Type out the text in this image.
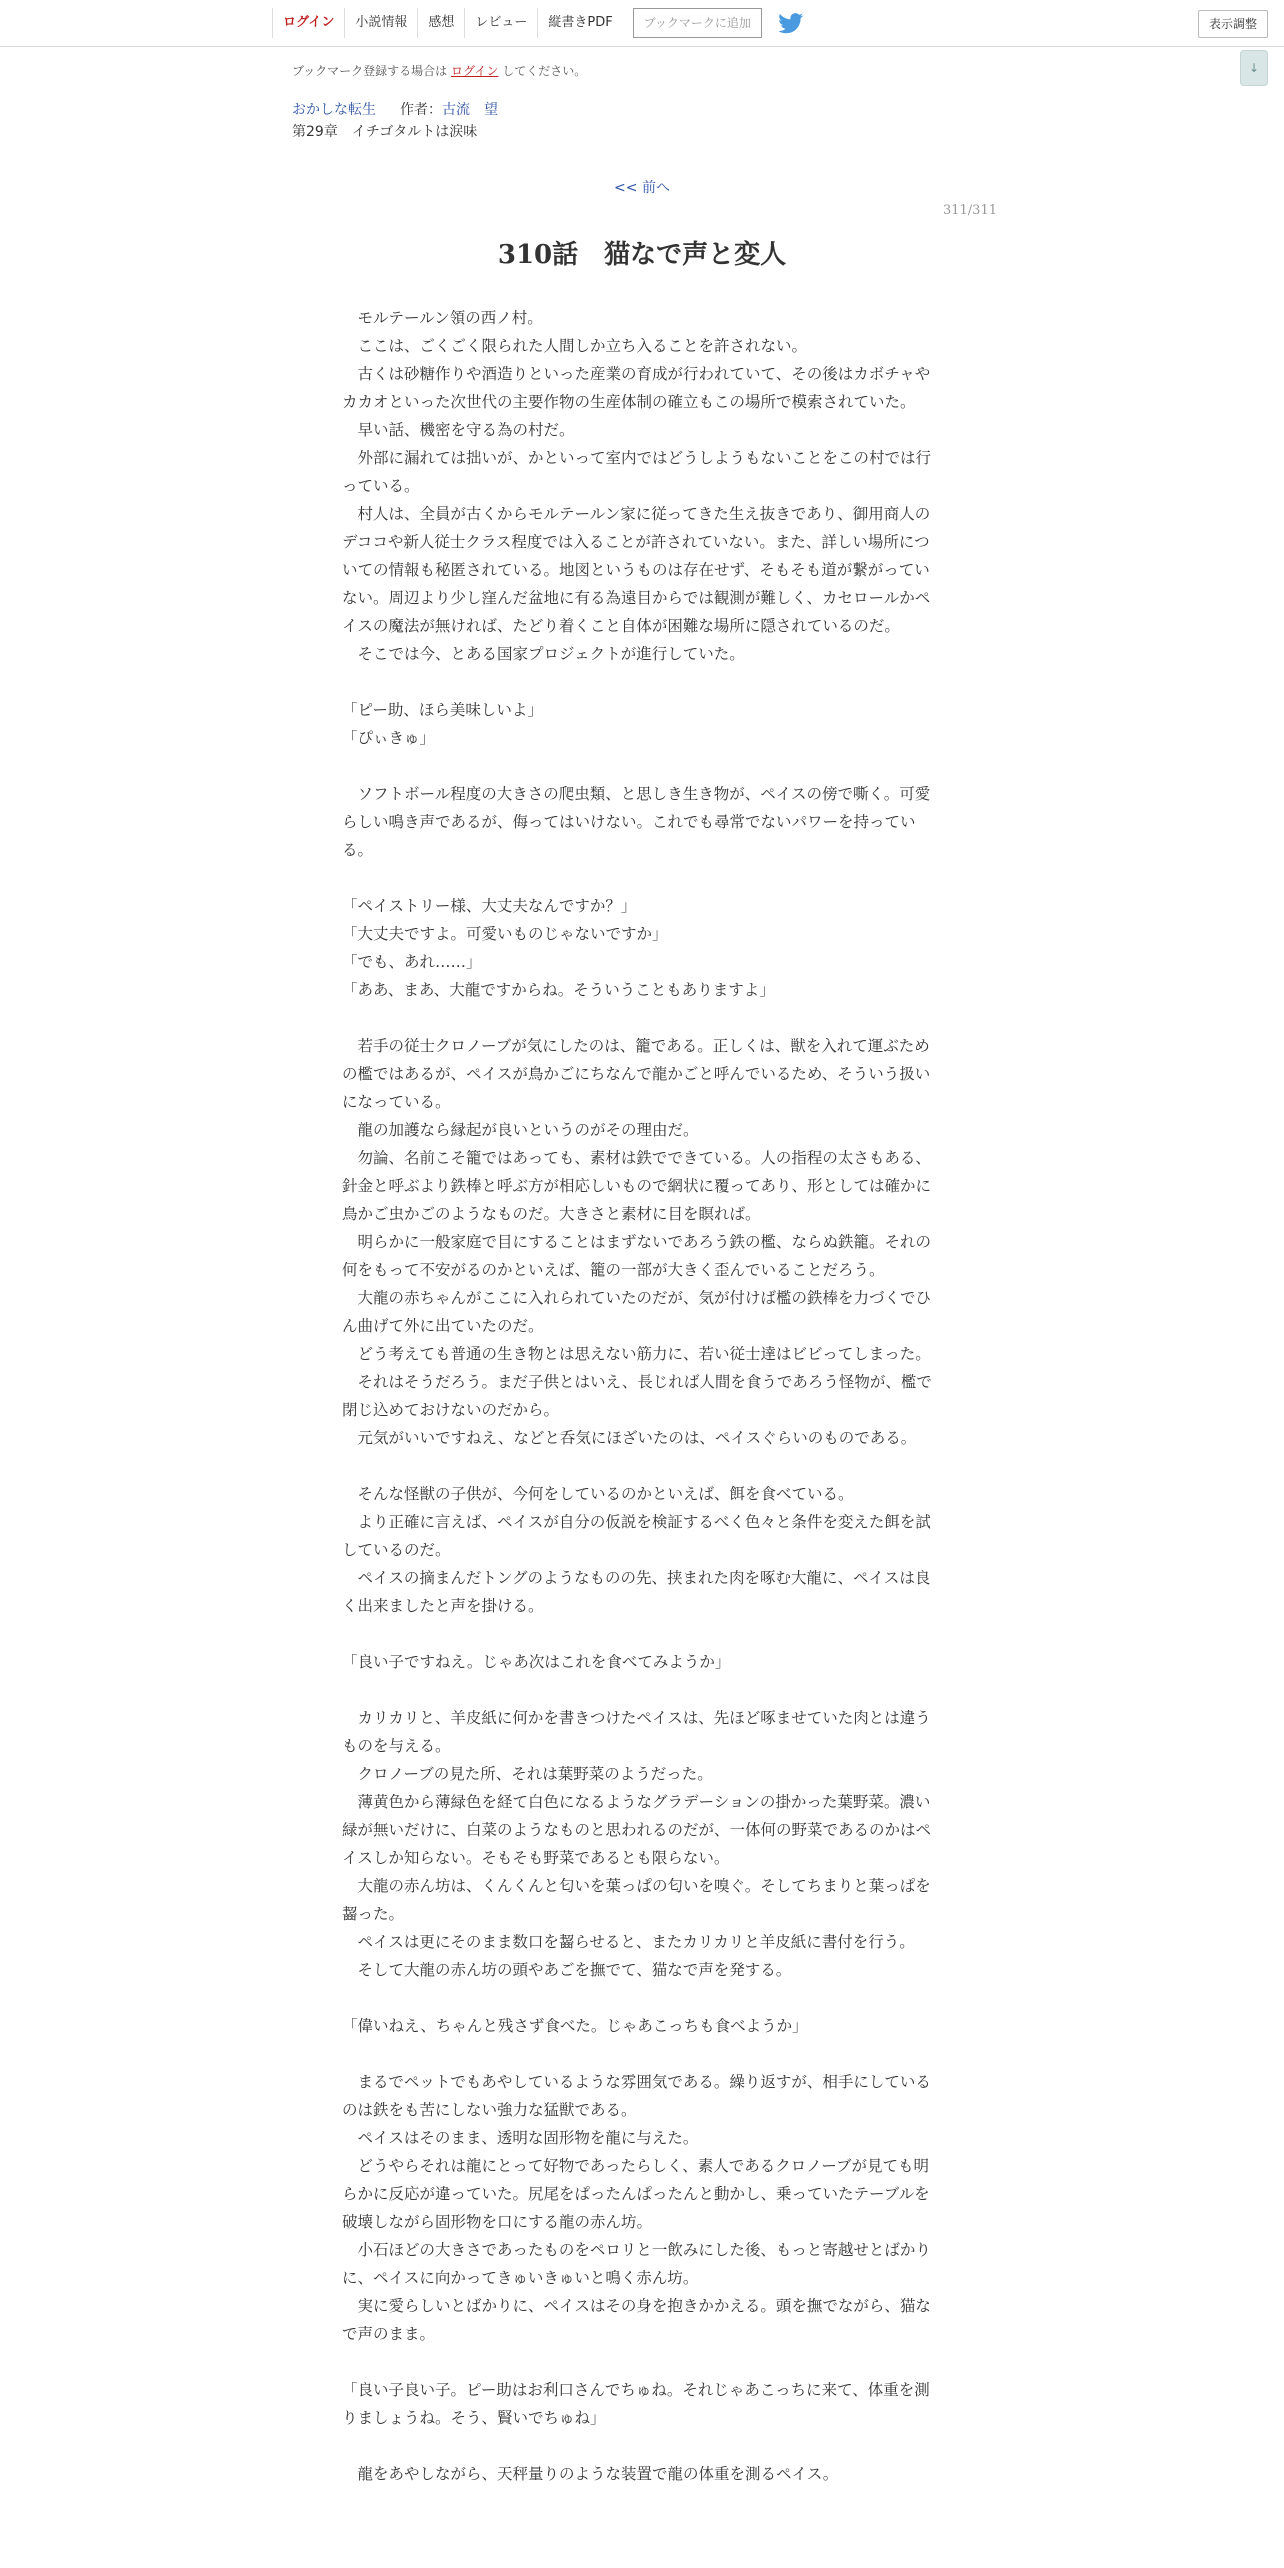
ログイン	小説情報	感想	レビュー	縦書きPDF	ブックマークに追加	表示調整
↓
ブックマーク登録する場合は ログイン してください。
おかしな転生 作者：古流　望
第29章　イチゴタルトは涙味
<< 前へ
311/311
310話　猫なで声と変人

　モルテールン領の西ノ村。

　ここは、ごくごく限られた人間しか立ち入ることを許されない。

　古くは砂糖作りや酒造りといった産業の育成が行われていて、その後はカボチャやカカオといった次世代の主要作物の生産体制の確立もこの場所で模索されていた。

　早い話、機密を守る為の村だ。

　外部に漏れては拙いが、かといって室内ではどうしようもないことをこの村では行っている。

　村人は、全員が古くからモルテールン家に従ってきた生え抜きであり、御用商人のデココや新人従士クラス程度では入ることが許されていない。また、詳しい場所についての情報も秘匿されている。地図というものは存在せず、そもそも道が繋がっていない。周辺より少し窪んだ盆地に有る為遠目からでは観測が難しく、カセロールかペイスの魔法が無ければ、たどり着くこと自体が困難な場所に隠されているのだ。

　そこでは今、とある国家プロジェクトが進行していた。

「ピー助、ほら美味しいよ」

「ぴぃきゅ」

　ソフトボール程度の大きさの爬虫類、と思しき生き物が、ペイスの傍で嘶く。可愛らしい鳴き声であるが、侮ってはいけない。これでも尋常でないパワーを持っている。

「ペイストリー様、大丈夫なんですか？」

「大丈夫ですよ。可愛いものじゃないですか」

「でも、あれ……」

「ああ、まあ、大龍ですからね。そういうこともありますよ」

　若手の従士クロノーブが気にしたのは、籠である。正しくは、獣を入れて運ぶための檻ではあるが、ペイスが鳥かごにちなんで龍かごと呼んでいるため、そういう扱いになっている。

　龍の加護なら縁起が良いというのがその理由だ。

　勿論、名前こそ籠ではあっても、素材は鉄でできている。人の指程の太さもある、針金と呼ぶより鉄棒と呼ぶ方が相応しいもので網状に覆ってあり、形としては確かに鳥かご虫かごのようなものだ。大きさと素材に目を瞑れば。

　明らかに一般家庭で目にすることはまずないであろう鉄の檻、ならぬ鉄籠。それの何をもって不安がるのかといえば、籠の一部が大きく歪んでいることだろう。

　大龍の赤ちゃんがここに入れられていたのだが、気が付けば檻の鉄棒を力づくでひん曲げて外に出ていたのだ。

　どう考えても普通の生き物とは思えない筋力に、若い従士達はビビってしまった。

　それはそうだろう。まだ子供とはいえ、長じれば人間を食うであろう怪物が、檻で閉じ込めておけないのだから。

　元気がいいですねえ、などと呑気にほざいたのは、ペイスぐらいのものである。

　そんな怪獣の子供が、今何をしているのかといえば、餌を食べている。

　より正確に言えば、ペイスが自分の仮説を検証するべく色々と条件を変えた餌を試しているのだ。

　ペイスの摘まんだトングのようなものの先、挟まれた肉を啄む大龍に、ペイスは良く出来ましたと声を掛ける。

「良い子ですねえ。じゃあ次はこれを食べてみようか」

　カリカリと、羊皮紙に何かを書きつけたペイスは、先ほど啄ませていた肉とは違うものを与える。

　クロノーブの見た所、それは葉野菜のようだった。

　薄黄色から薄緑色を経て白色になるようなグラデーションの掛かった葉野菜。濃い緑が無いだけに、白菜のようなものと思われるのだが、一体何の野菜であるのかはペイスしか知らない。そもそも野菜であるとも限らない。

　大龍の赤ん坊は、くんくんと匂いを葉っぱの匂いを嗅ぐ。そしてちまりと葉っぱを齧った。

　ペイスは更にそのまま数口を齧らせると、またカリカリと羊皮紙に書付を行う。

　そして大龍の赤ん坊の頭やあごを撫でて、猫なで声を発する。

「偉いねえ、ちゃんと残さず食べた。じゃあこっちも食べようか」

　まるでペットでもあやしているような雰囲気である。繰り返すが、相手にしているのは鉄をも苦にしない強力な猛獣である。

　ペイスはそのまま、透明な固形物を龍に与えた。

　どうやらそれは龍にとって好物であったらしく、素人であるクロノーブが見ても明らかに反応が違っていた。尻尾をぱったんぱったんと動かし、乗っていたテーブルを破壊しながら固形物を口にする龍の赤ん坊。

　小石ほどの大きさであったものをペロリと一飲みにした後、もっと寄越せとばかりに、ペイスに向かってきゅいきゅいと鳴く赤ん坊。

　実に愛らしいとばかりに、ペイスはその身を抱きかかえる。頭を撫でながら、猫なで声のまま。

「良い子良い子。ピー助はお利口さんでちゅね。それじゃあこっちに来て、体重を測りましょうね。そう、賢いでちゅね」

　龍をあやしながら、天秤量りのような装置で龍の体重を測るペイス。
